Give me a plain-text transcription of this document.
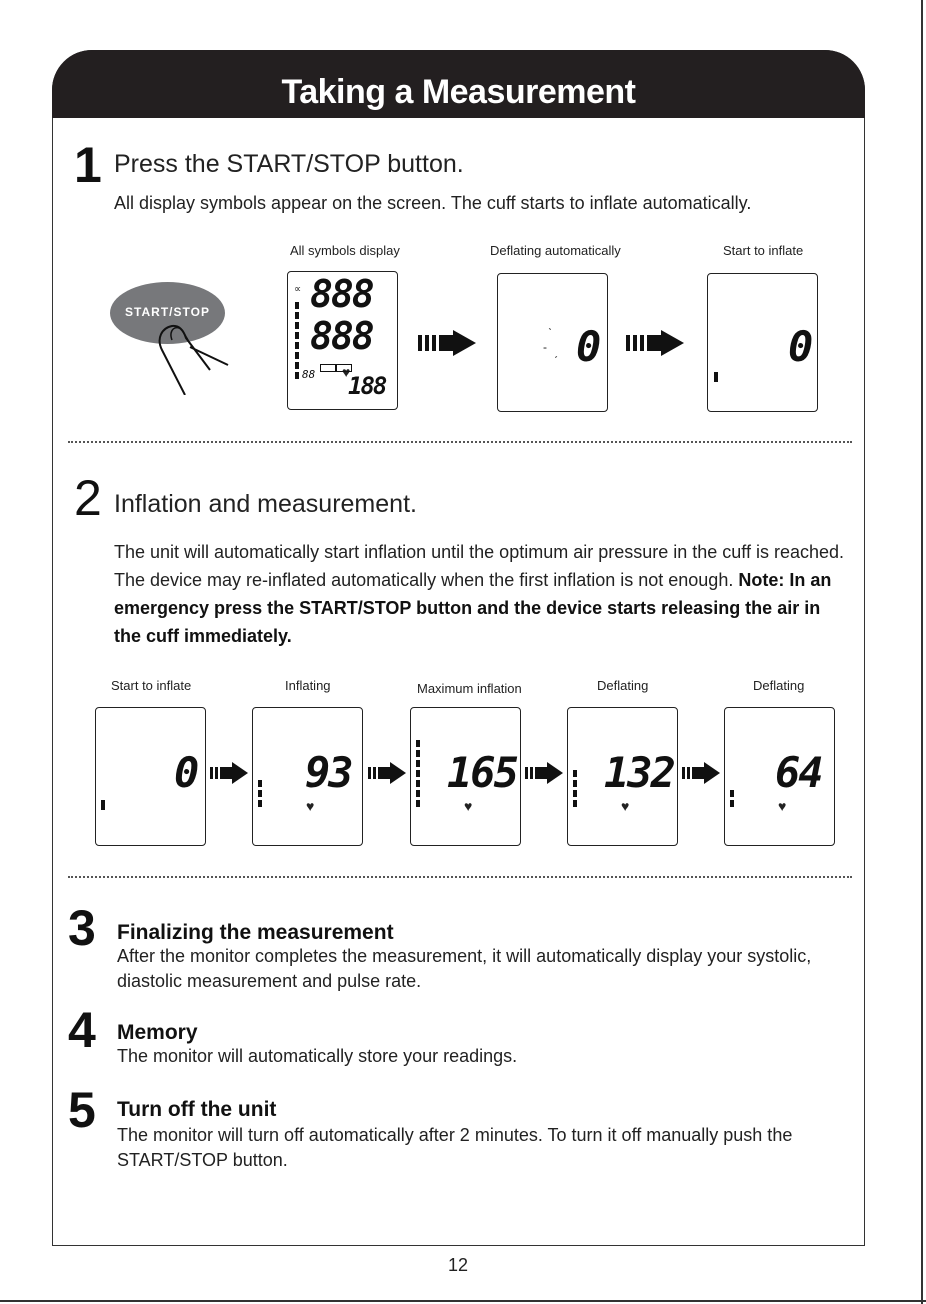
Taking a Measurement
1 Press the START/STOP button.
All display symbols appear on the screen. The cuff starts to inflate automatically.
All symbols display	Deflating automatically	Start to inflate
START/STOP	888
888
88 188
♥
∝
0
ˋ
-
ˊ	0
2 Inflation and measurement.
The unit will automatically start inflation until the optimum air pressure in the cuff is reached. The device may re-inflated automatically when the first inflation is not enough. Note: In an emergency press the START/STOP button and the device starts releasing the air in the cuff immediately.
Start to inflate	Inflating	Maximum inflation	Deflating	Deflating
0	93
♥
165
♥
132
♥
64
♥
3 Finalizing the measurement
After the monitor completes the measurement, it will automatically display your systolic, diastolic measurement and pulse rate.
4 Memory
The monitor will automatically store your readings.
5 Turn off the unit
The monitor will turn off automatically after 2 minutes. To turn it off manually push the START/STOP button.
12
